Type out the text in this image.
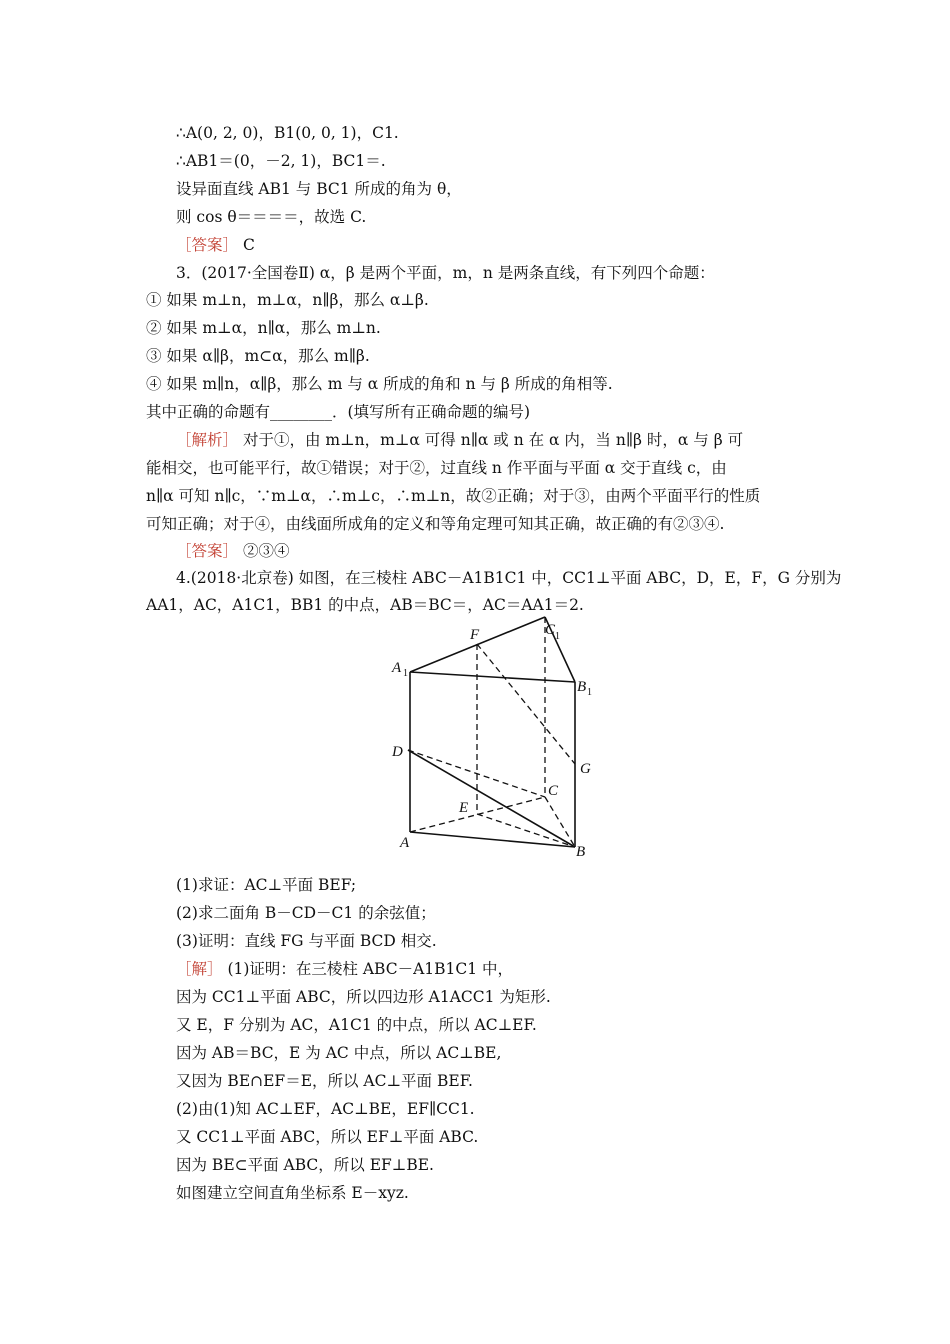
∴A(0, 2, 0)，B1(0, 0, 1)，C1.
∴AB1＝(0，－2, 1)，BC1＝.
设异面直线 AB1 与 BC1 所成的角为 θ，
则 cos θ＝＝＝＝，故选 C.
［答案］ C
3．(2017·全国卷Ⅱ) α，β 是两个平面，m，n 是两条直线，有下列四个命题：
① 如果 m⊥n，m⊥α，n∥β，那么 α⊥β.
② 如果 m⊥α，n∥α，那么 m⊥n.
③ 如果 α∥β，m⊂α，那么 m∥β.
④ 如果 m∥n，α∥β，那么 m 与 α 所成的角和 n 与 β 所成的角相等.
其中正确的命题有________．(填写所有正确命题的编号)
［解析］ 对于①，由 m⊥n，m⊥α 可得 n∥α 或 n 在 α 内，当 n∥β 时，α 与 β 可
能相交，也可能平行，故①错误；对于②，过直线 n 作平面与平面 α 交于直线 c，由
n∥α 可知 n∥c，∵m⊥α，∴m⊥c，∴m⊥n，故②正确；对于③，由两个平面平行的性质
可知正确；对于④，由线面所成角的定义和等角定理可知其正确，故正确的有②③④.
［答案］ ②③④
4.(2018·北京卷) 如图，在三棱柱 ABC－A1B1C1 中，CC1⊥平面 ABC，D，E，F，G 分别为
AA1，AC，A1C1，BB1 的中点，AB＝BC＝，AC＝AA1＝2.
A 1
F	C 1
B 1
D
G
C
E
A
B
(1)求证：AC⊥平面 BEF;
(2)求二面角 B－CD－C1 的余弦值；
(3)证明：直线 FG 与平面 BCD 相交.
［解］ (1)证明：在三棱柱 ABC－A1B1C1 中，
因为 CC1⊥平面 ABC，所以四边形 A1ACC1 为矩形.
又 E，F 分别为 AC，A1C1 的中点，所以 AC⊥EF.
因为 AB＝BC，E 为 AC 中点，所以 AC⊥BE,
又因为 BE∩EF＝E，所以 AC⊥平面 BEF.
(2)由(1)知 AC⊥EF，AC⊥BE，EF∥CC1.
又 CC1⊥平面 ABC，所以 EF⊥平面 ABC.
因为 BE⊂平面 ABC，所以 EF⊥BE.
如图建立空间直角坐标系 E－xyz.
